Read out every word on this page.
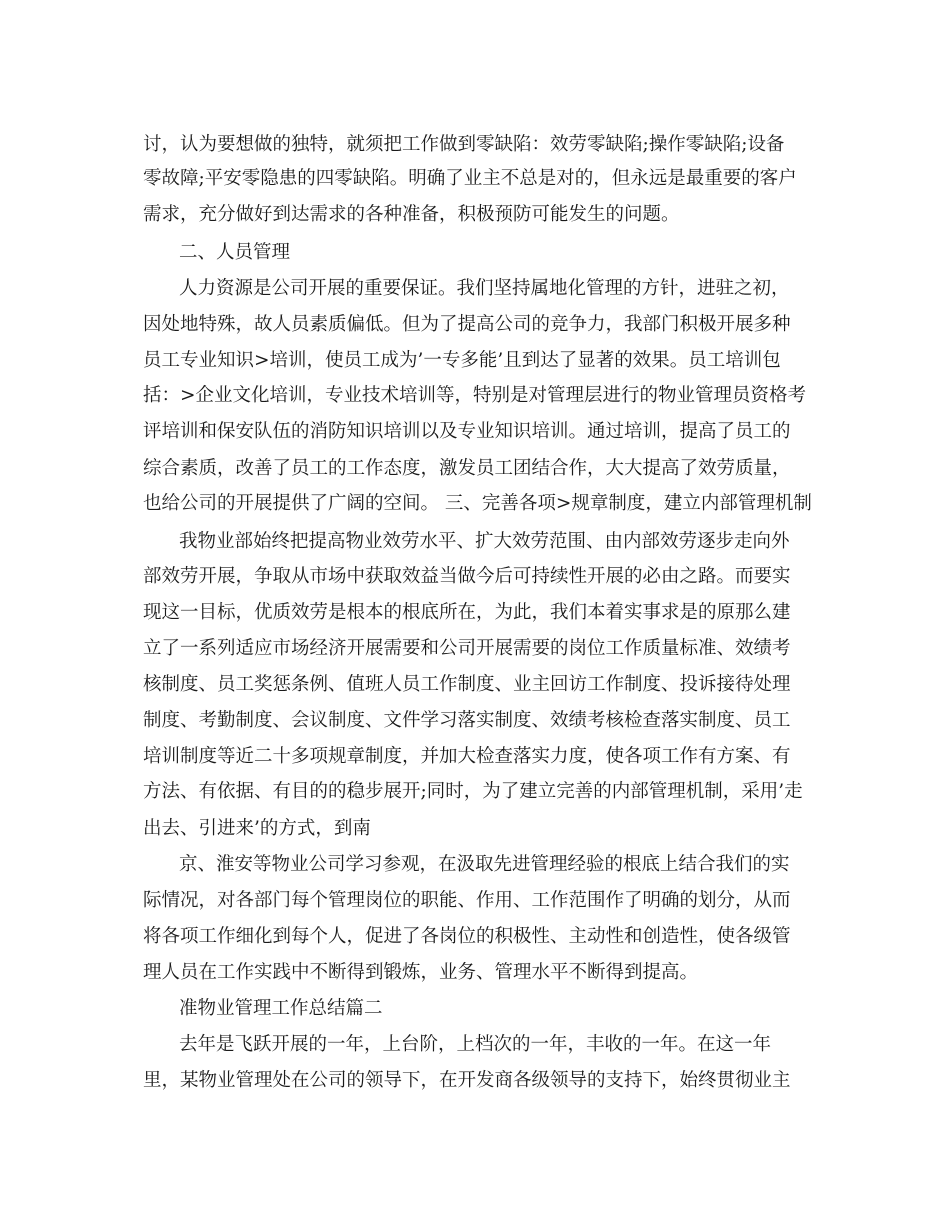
讨，认为要想做的独特，就须把工作做到零缺陷：效劳零缺陷;操作零缺陷;设备
零故障;平安零隐患的四零缺陷。明确了业主不总是对的，但永远是最重要的客户
需求，充分做好到达需求的各种准备，积极预防可能发生的问题。
二、人员管理
人力资源是公司开展的重要保证。我们坚持属地化管理的方针，进驻之初，
因处地特殊，故人员素质偏低。但为了提高公司的竞争力，我部门积极开展多种
员工专业知识>培训，使员工成为’一专多能’且到达了显著的效果。员工培训包
括：>企业文化培训，专业技术培训等，特别是对管理层进行的物业管理员资格考
评培训和保安队伍的消防知识培训以及专业知识培训。通过培训，提高了员工的
综合素质，改善了员工的工作态度，激发员工团结合作，大大提高了效劳质量，
也给公司的开展提供了广阔的空间。 三、完善各项>规章制度，建立内部管理机制
我物业部始终把提高物业效劳水平、扩大效劳范围、由内部效劳逐步走向外
部效劳开展，争取从市场中获取效益当做今后可持续性开展的必由之路。而要实
现这一目标，优质效劳是根本的根底所在，为此，我们本着实事求是的原那么建
立了一系列适应市场经济开展需要和公司开展需要的岗位工作质量标准、效绩考
核制度、员工奖惩条例、值班人员工作制度、业主回访工作制度、投诉接待处理
制度、考勤制度、会议制度、文件学习落实制度、效绩考核检查落实制度、员工
培训制度等近二十多项规章制度，并加大检查落实力度，使各项工作有方案、有
方法、有依据、有目的的稳步展开;同时，为了建立完善的内部管理机制，采用’走
出去、引进来’的方式，到南
京、淮安等物业公司学习参观，在汲取先进管理经验的根底上结合我们的实
际情况，对各部门每个管理岗位的职能、作用、工作范围作了明确的划分，从而
将各项工作细化到每个人，促进了各岗位的积极性、主动性和创造性，使各级管
理人员在工作实践中不断得到锻炼，业务、管理水平不断得到提高。
准物业管理工作总结篇二
去年是飞跃开展的一年，上台阶，上档次的一年，丰收的一年。在这一年
里，某物业管理处在公司的领导下，在开发商各级领导的支持下，始终贯彻业主
